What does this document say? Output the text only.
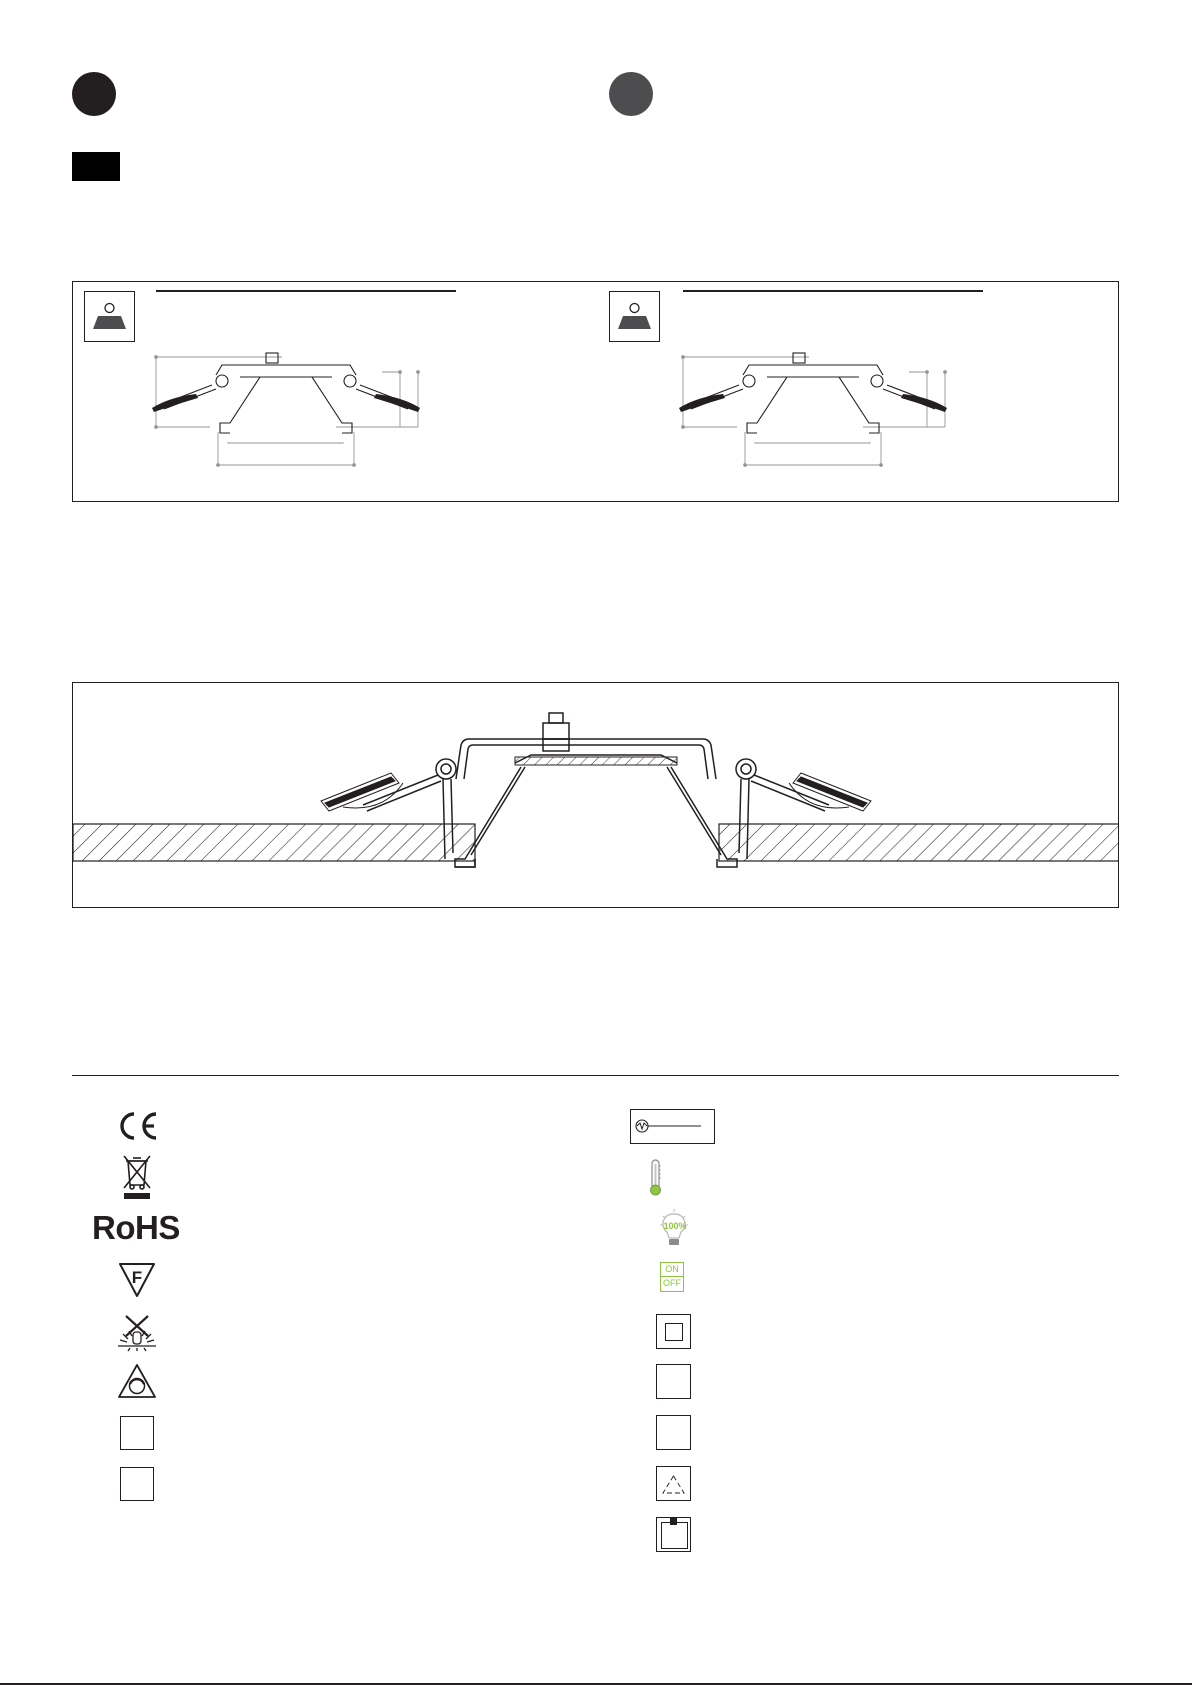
RoHS
F
100%
ON
OFF
